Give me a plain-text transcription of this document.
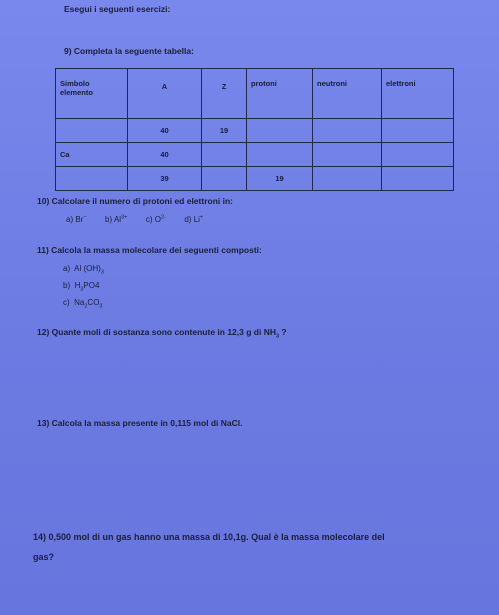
Esegui i seguenti esercizi:
9) Completa la seguente tabella:
Simbolo elemento	A	Z	protoni	neutroni	elettroni
	40	19			
Ca	40				
	39		19		
10) Calcolare il numero di protoni ed elettroni in:
a) Br− b) $Al^{3+}$ c) $O^{2-}$ d) Li+
11) Calcola la massa molecolare dei seguenti composti:
a) Al $(OH)_3$
b) $H_3PO4$
c) $Na_2CO_3$
12) Quante moli di sostanza sono contenute in 12,3 g di $NH_3$ ?
13) Calcola la massa presente in 0,115 mol di NaCl.
14) 0,500 mol di un gas hanno una massa di 10,1g. Qual è la massa molecolare del
gas?
